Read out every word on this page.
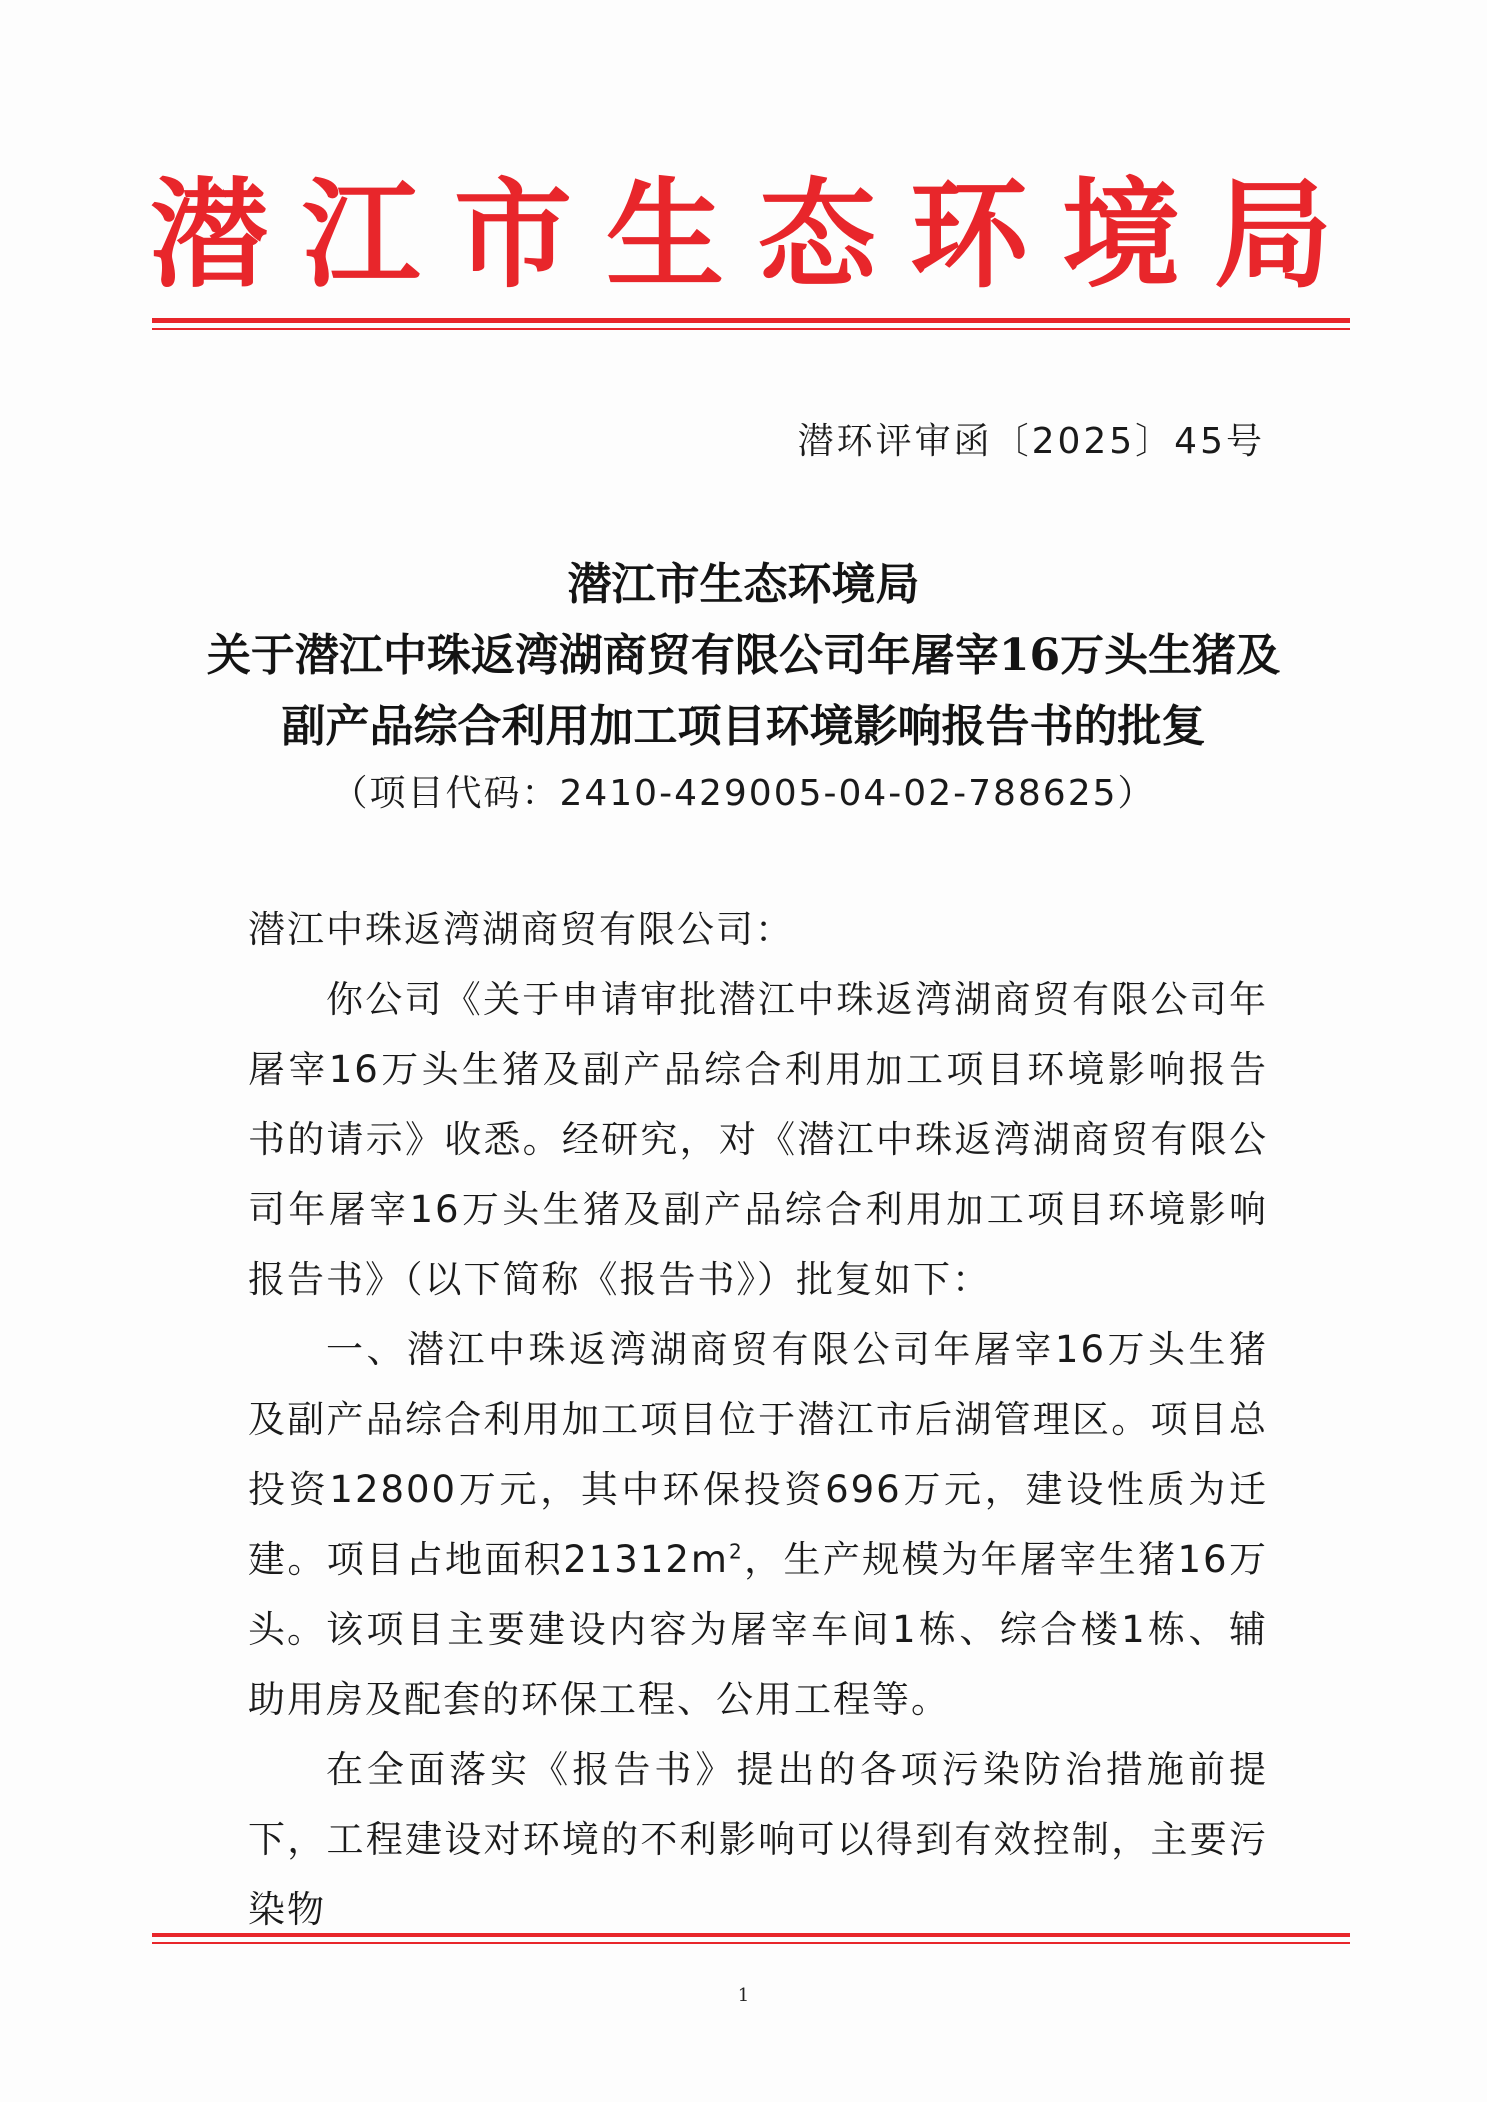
潜江市生态环境局
潜环评审函〔2025〕45号
潜江市生态环境局
关于潜江中珠返湾湖商贸有限公司年屠宰16万头生猪及
副产品综合利用加工项目环境影响报告书的批复
（项目代码：2410-429005-04-02-788625）

潜江中珠返湾湖商贸有限公司：

你公司《关于申请审批潜江中珠返湾湖商贸有限公司年屠宰16万头生猪及副产品综合利用加工项目环境影响报告书的请示》收悉。经研究，对《潜江中珠返湾湖商贸有限公司年屠宰16万头生猪及副产品综合利用加工项目环境影响报告书》（以下简称《报告书》）批复如下：

一、潜江中珠返湾湖商贸有限公司年屠宰16万头生猪及副产品综合利用加工项目位于潜江市后湖管理区。项目总投资12800万元，其中环保投资696万元，建设性质为迁建。项目占地面积$21312m^2$，生产规模为年屠宰生猪16万头。 该项目主要建设内容为屠宰车间1栋、综合楼1栋、辅助用房及配套的环保工程、公用工程等。

在全面落实《报告书》提出的各项污染防治措施前提下，工程建设对环境的不利影响可以得到有效控制，主要污染物

1
